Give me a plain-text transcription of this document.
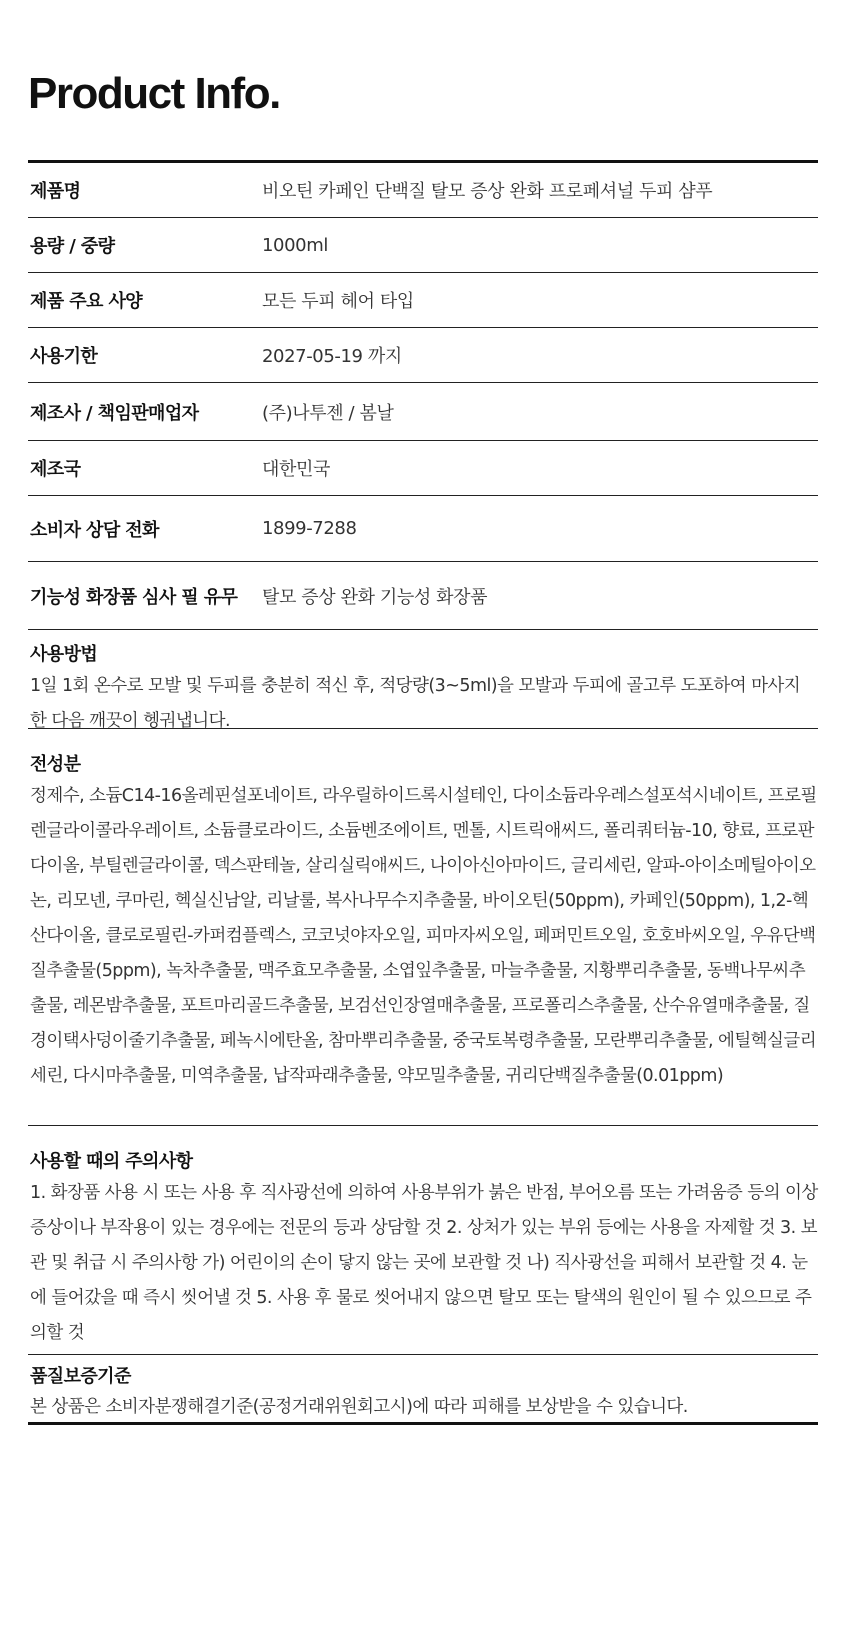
Product Info.
제품명	비오틴 카페인 단백질 탈모 증상 완화 프로페셔널 두피 샴푸
용량 / 중량	1000ml
제품 주요 사양	모든 두피 헤어 타입
사용기한	2027-05-19 까지
제조사 / 책임판매업자	(주)나투젠 / 봄날
제조국	대한민국
소비자 상담 전화	1899-7288
기능성 화장품 심사 필 유무	탈모 증상 완화 기능성 화장품
사용방법
1일 1회 온수로 모발 및 두피를 충분히 적신 후, 적당량(3~5ml)을 모발과 두피에 골고루 도포하여 마사지 한 다음 깨끗이 헹궈냅니다.
전성분
정제수, 소듐C14-16올레핀설포네이트, 라우릴하이드록시설테인, 다이소듐라우레스설포석시네이트, 프로필렌글라이콜라우레이트, 소듐클로라이드, 소듐벤조에이트, 멘톨, 시트릭애씨드, 폴리쿼터늄-10, 향료, 프로판다이올, 부틸렌글라이콜, 덱스판테놀, 살리실릭애씨드, 나이아신아마이드, 글리세린, 알파-아이소메틸아이오논, 리모넨, 쿠마린, 헥실신남알, 리날룰, 복사나무수지추출물, 바이오틴(50ppm), 카페인(50ppm), 1,2-헥산다이올, 클로로필린-카퍼컴플렉스, 코코넛야자오일, 피마자씨오일, 페퍼민트오일, 호호바씨오일, 우유단백질추출물(5ppm), 녹차추출물, 맥주효모추출물, 소엽잎추출물, 마늘추출물, 지황뿌리추출물, 동백나무씨추출물, 레몬밤추출물, 포트마리골드추출물, 보검선인장열매추출물, 프로폴리스추출물, 산수유열매추출물, 질경이택사덩이줄기추출물, 페녹시에탄올, 참마뿌리추출물, 중국토복령추출물, 모란뿌리추출물, 에틸헥실글리세린, 다시마추출물, 미역추출물, 납작파래추출물, 약모밀추출물, 귀리단백질추출물(0.01ppm)
사용할 때의 주의사항
1. 화장품 사용 시 또는 사용 후 직사광선에 의하여 사용부위가 붉은 반점, 부어오름 또는 가려움증 등의 이상 증상이나 부작용이 있는 경우에는 전문의 등과 상담할 것 2. 상처가 있는 부위 등에는 사용을 자제할 것 3. 보관 및 취급 시 주의사항 가) 어린이의 손이 닿지 않는 곳에 보관할 것 나) 직사광선을 피해서 보관할 것 4. 눈에 들어갔을 때 즉시 씻어낼 것 5. 사용 후 물로 씻어내지 않으면 탈모 또는 탈색의 원인이 될 수 있으므로 주의할 것
품질보증기준
본 상품은 소비자분쟁해결기준(공정거래위원회고시)에 따라 피해를 보상받을 수 있습니다.
